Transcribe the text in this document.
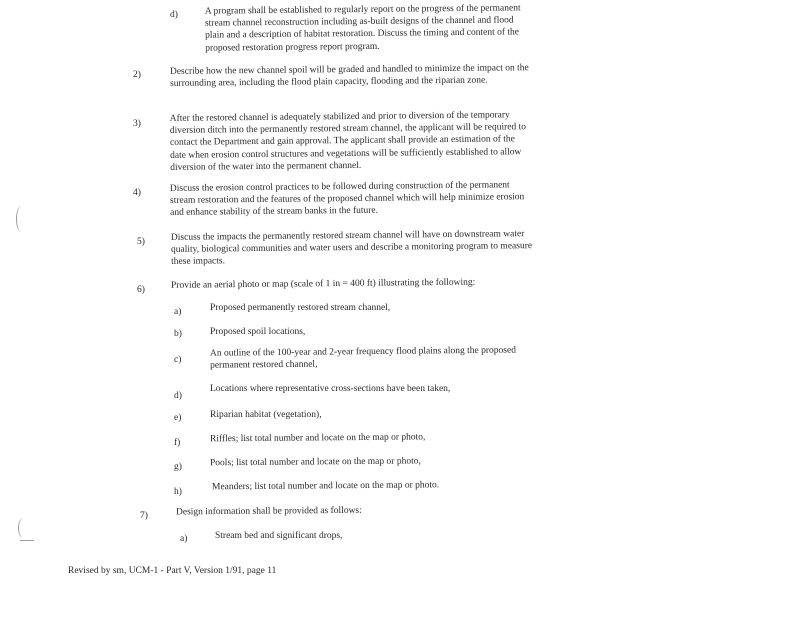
d)	A program shall be established to regularly report on the progress of the permanent stream channel reconstruction including as-built designs of the channel and flood plain and a description of habitat restoration. Discuss the timing and content of the proposed restoration progress report program.
2)	Describe how the new channel spoil will be graded and handled to minimize the impact on the surrounding area, including the flood plain capacity, flooding and the riparian zone.
3)
After the restored channel is adequately stabilized and prior to diversion of the temporary diversion ditch into the permanently restored stream channel, the applicant will be required to contact the Department and gain approval. The applicant shall provide an estimation of the date when erosion control structures and vegetations will be sufficiently established to allow diversion of the water into the permanent channel.
4)	Discuss the erosion control practices to be followed during construction of the permanent stream restoration and the features of the proposed channel which will help minimize erosion and enhance stability of the stream banks in the future.
5)	Discuss the impacts the permanently restored stream channel will have on downstream water quality, biological communities and water users and describe a monitoring program to measure these impacts.
6)	Provide an aerial photo or map (scale of 1 in = 400 ft) illustrating the following:
a)	Proposed permanently restored stream channel,
b)	Proposed spoil locations,
c)
An outline of the 100-year and 2-year frequency flood plains along the proposed permanent restored channel,
d)
Locations where representative cross-sections have been taken,
e)	Riparian habitat (vegetation),
f)	Riffles; list total number and locate on the map or photo,
g)	Pools; list total number and locate on the map or photo,
h)	Meanders; list total number and locate on the map or photo.
7)	Design information shall be provided as follows:
a)	Stream bed and significant drops,
Revised by sm, UCM-1 - Part V, Version 1/91, page 11
